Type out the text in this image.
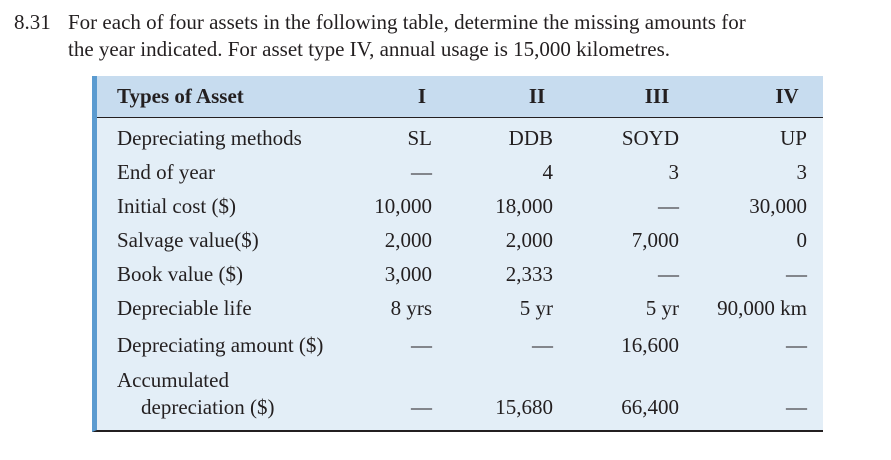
8.31 For each of four assets in the following table, determine the missing amounts for
the year indicated. For asset type IV, annual usage is 15,000 kilometres.
Types of Asset	I	II	III	IV
Depreciating methods	SL	DDB	SOYD	UP
End of year	—	4	3	3
Initial cost ($)	10,000	18,000	—	30,000
Salvage value($)	2,000	2,000	7,000	0
Book value ($)	3,000	2,333	—	—
Depreciable life	8 yrs	5 yr	5 yr	90,000 km
Depreciating amount ($)	—	—	16,600	—
Accumulated
depreciation ($)	—	15,680	66,400	—
